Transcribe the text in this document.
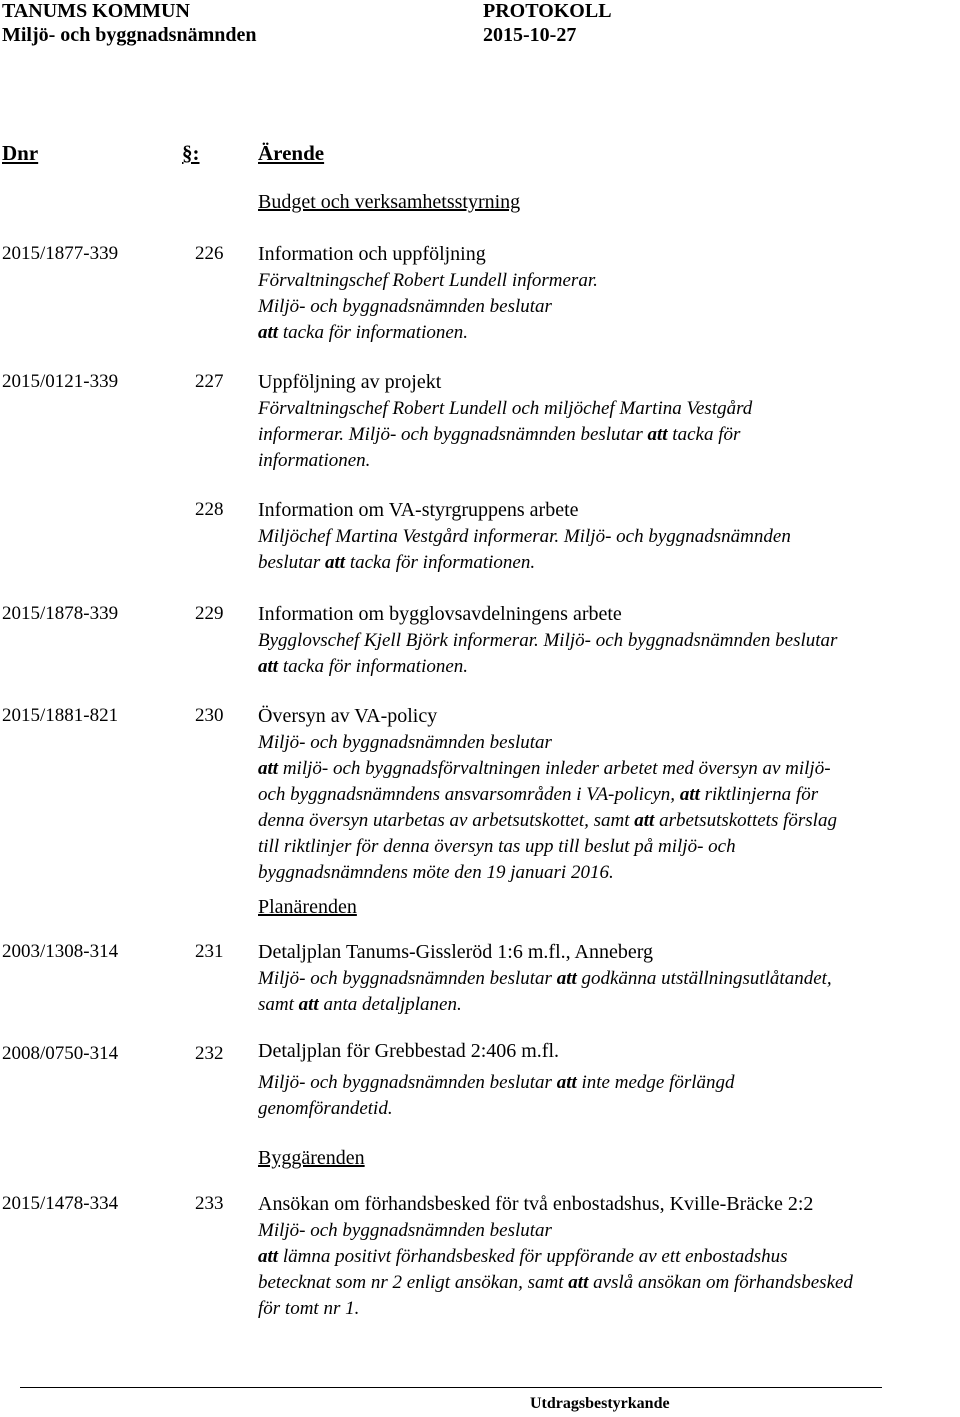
TANUMS KOMMUN	PROTOKOLL
Miljö- och byggnadsnämnden	2015-10-27
Dnr	§:	Ärende
Budget och verksamhetsstyrning
2015/1877-339	226 Information och uppföljning
Förvaltningschef Robert Lundell informerar.
Miljö- och byggnadsnämnden beslutar
att tacka för informationen.
2015/0121-339	227 Uppföljning av projekt
Förvaltningschef Robert Lundell och miljöchef Martina Vestgård
informerar. Miljö- och byggnadsnämnden beslutar att tacka för
informationen.
228 Information om VA-styrgruppens arbete
Miljöchef Martina Vestgård informerar. Miljö- och byggnadsnämnden
beslutar att tacka för informationen.
2015/1878-339	229 Information om bygglovsavdelningens arbete
Bygglovschef Kjell Björk informerar. Miljö- och byggnadsnämnden beslutar
att tacka för informationen.
2015/1881-821	230 Översyn av VA-policy
Miljö- och byggnadsnämnden beslutar
att miljö- och byggnadsförvaltningen inleder arbetet med översyn av miljö-
och byggnadsnämndens ansvarsområden i VA-policyn, att riktlinjerna för
denna översyn utarbetas av arbetsutskottet, samt att arbetsutskottets förslag
till riktlinjer för denna översyn tas upp till beslut på miljö- och
byggnadsnämndens möte den 19 januari 2016.
Planärenden
2003/1308-314	231 Detaljplan Tanums-Gissleröd 1:6 m.fl., Anneberg
Miljö- och byggnadsnämnden beslutar att godkänna utställningsutlåtandet,
samt att anta detaljplanen.
2008/0750-314	232 Detaljplan för Grebbestad 2:406 m.fl.
Miljö- och byggnadsnämnden beslutar att inte medge förlängd
genomförandetid.
Byggärenden
2015/1478-334	233 Ansökan om förhandsbesked för två enbostadshus, Kville-Bräcke 2:2
Miljö- och byggnadsnämnden beslutar
att lämna positivt förhandsbesked för uppförande av ett enbostadshus
betecknat som nr 2 enligt ansökan, samt att avslå ansökan om förhandsbesked
för tomt nr 1.
Utdragsbestyrkande
